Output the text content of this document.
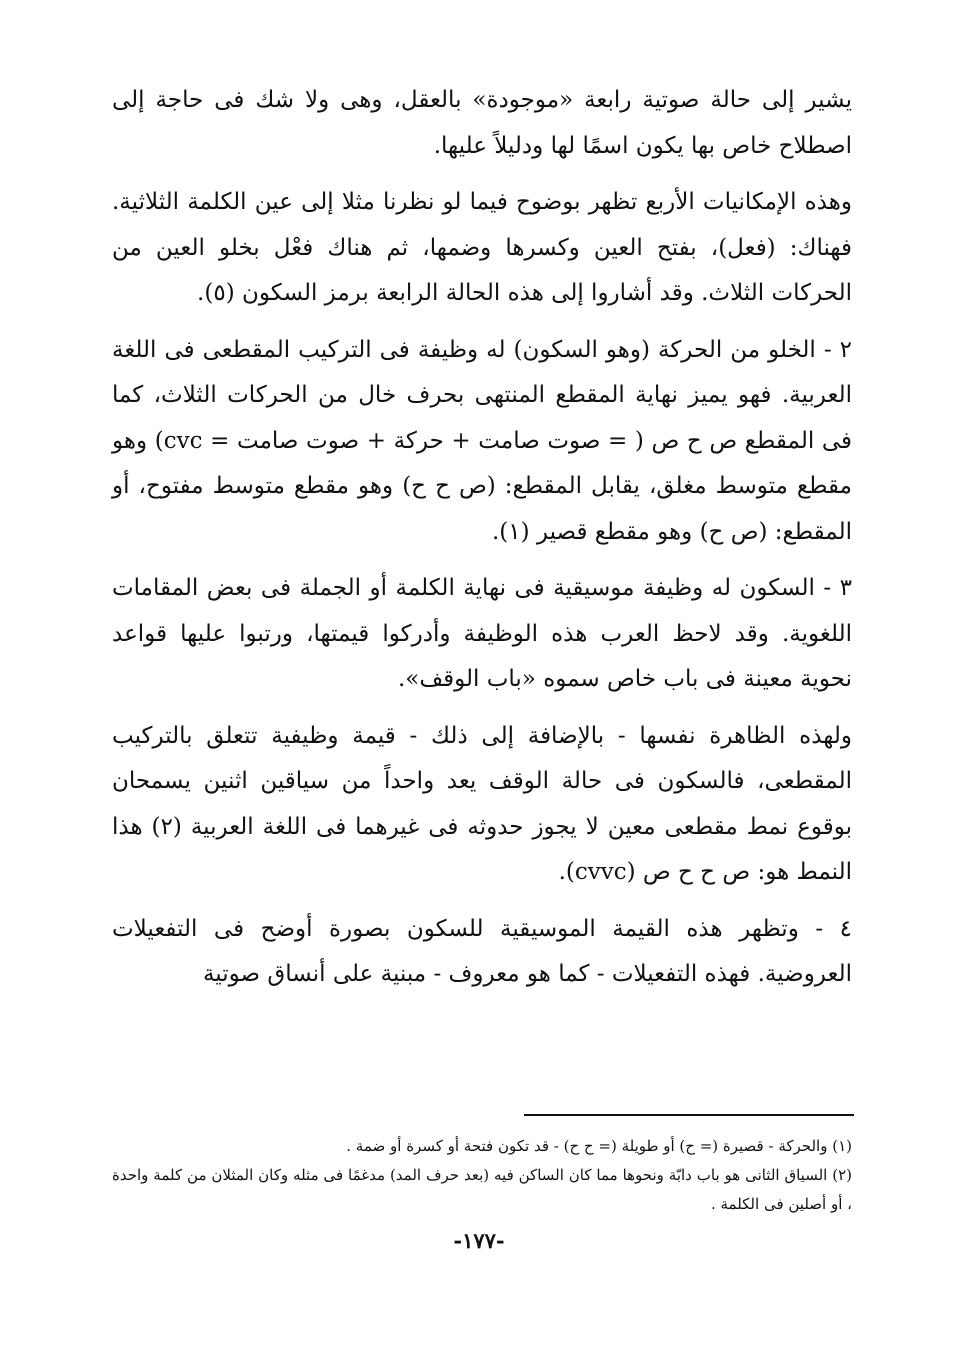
يشير إلى حالة صوتية رابعة «موجودة» بالعقل، وهى ولا شك فى حاجة إلى اصطلاح خاص بها يكون اسمًا لها ودليلاً عليها.

وهذه الإمكانيات الأربع تظهر بوضوح فيما لو نظرنا مثلا إلى عين الكلمة الثلاثية. فهناك: (فعل)، بفتح العين وكسرها وضمها، ثم هناك فعْل بخلو العين من الحركات الثلاث. وقد أشاروا إلى هذه الحالة الرابعة برمز السكون (٥).

٢ - الخلو من الحركة (وهو السكون) له وظيفة فى التركيب المقطعى فى اللغة العربية. فهو يميز نهاية المقطع المنتهى بحرف خال من الحركات الثلاث، كما فى المقطع ص ح ص ( = صوت صامت + حركة + صوت صامت = cvc) وهو مقطع متوسط مغلق، يقابل المقطع: (ص ح ح) وهو مقطع متوسط مفتوح، أو المقطع: (ص ح) وهو مقطع قصير (١).

٣ - السكون له وظيفة موسيقية فى نهاية الكلمة أو الجملة فى بعض المقامات اللغوية. وقد لاحظ العرب هذه الوظيفة وأدركوا قيمتها، ورتبوا عليها قواعد نحوية معينة فى باب خاص سموه «باب الوقف».

ولهذه الظاهرة نفسها - بالإضافة إلى ذلك - قيمة وظيفية تتعلق بالتركيب المقطعى، فالسكون فى حالة الوقف يعد واحداً من سياقين اثنين يسمحان بوقوع نمط مقطعى معين لا يجوز حدوثه فى غيرهما فى اللغة العربية (٢) هذا النمط هو: ص ح ح ص (cvvc).

٤ - وتظهر هذه القيمة الموسيقية للسكون بصورة أوضح فى التفعيلات العروضية. فهذه التفعيلات - كما هو معروف - مبنية على أنساق صوتية

(١) والحركة - قصيرة (= ح) أو طويلة (= ح ح) - قد تكون فتحة أو كسرة أو ضمة .

(٢) السياق الثانى هو باب دابّة ونحوها مما كان الساكن فيه (بعد حرف المد) مدغمًا فى مثله وكان المثلان من كلمة واحدة ، أو أصلين فى الكلمة .

-١٧٧-
